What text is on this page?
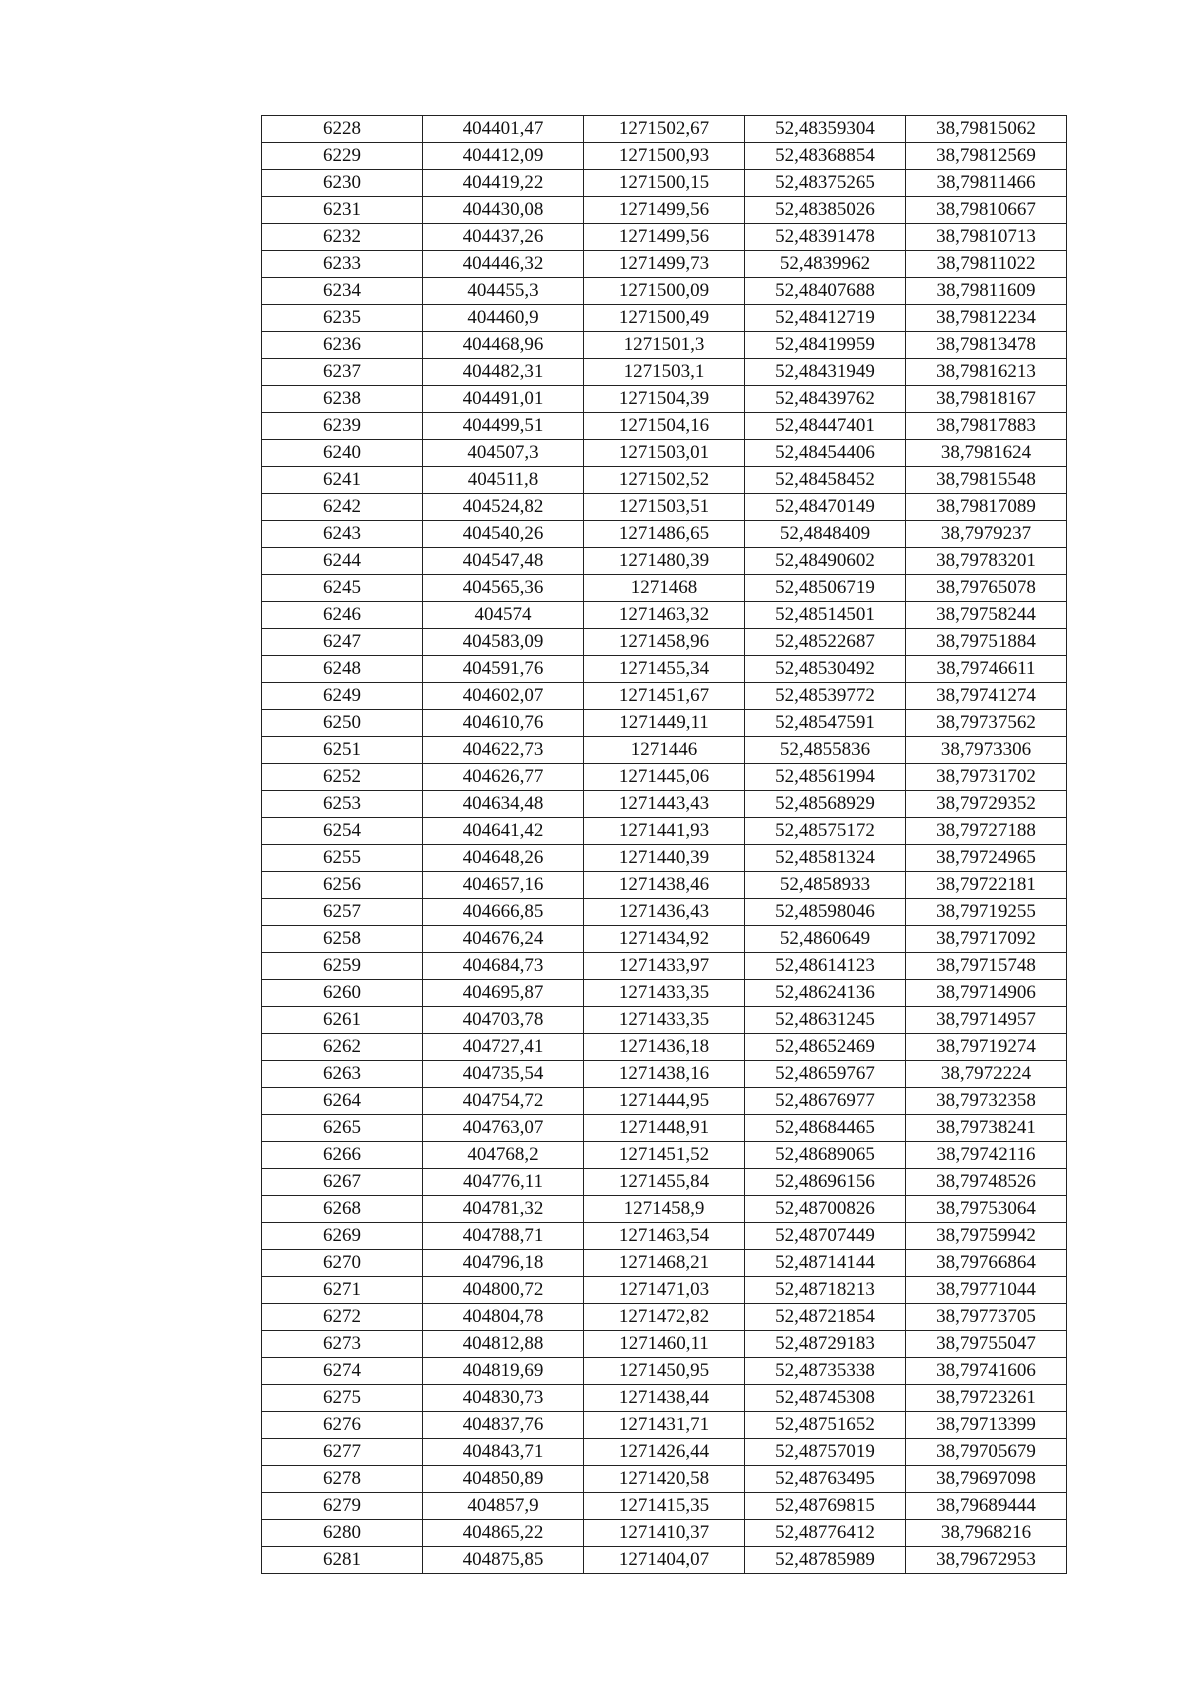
6228	404401,47	1271502,67	52,48359304	38,79815062
6229	404412,09	1271500,93	52,48368854	38,79812569
6230	404419,22	1271500,15	52,48375265	38,79811466
6231	404430,08	1271499,56	52,48385026	38,79810667
6232	404437,26	1271499,56	52,48391478	38,79810713
6233	404446,32	1271499,73	52,4839962	38,79811022
6234	404455,3	1271500,09	52,48407688	38,79811609
6235	404460,9	1271500,49	52,48412719	38,79812234
6236	404468,96	1271501,3	52,48419959	38,79813478
6237	404482,31	1271503,1	52,48431949	38,79816213
6238	404491,01	1271504,39	52,48439762	38,79818167
6239	404499,51	1271504,16	52,48447401	38,79817883
6240	404507,3	1271503,01	52,48454406	38,7981624
6241	404511,8	1271502,52	52,48458452	38,79815548
6242	404524,82	1271503,51	52,48470149	38,79817089
6243	404540,26	1271486,65	52,4848409	38,7979237
6244	404547,48	1271480,39	52,48490602	38,79783201
6245	404565,36	1271468	52,48506719	38,79765078
6246	404574	1271463,32	52,48514501	38,79758244
6247	404583,09	1271458,96	52,48522687	38,79751884
6248	404591,76	1271455,34	52,48530492	38,79746611
6249	404602,07	1271451,67	52,48539772	38,79741274
6250	404610,76	1271449,11	52,48547591	38,79737562
6251	404622,73	1271446	52,4855836	38,7973306
6252	404626,77	1271445,06	52,48561994	38,79731702
6253	404634,48	1271443,43	52,48568929	38,79729352
6254	404641,42	1271441,93	52,48575172	38,79727188
6255	404648,26	1271440,39	52,48581324	38,79724965
6256	404657,16	1271438,46	52,4858933	38,79722181
6257	404666,85	1271436,43	52,48598046	38,79719255
6258	404676,24	1271434,92	52,4860649	38,79717092
6259	404684,73	1271433,97	52,48614123	38,79715748
6260	404695,87	1271433,35	52,48624136	38,79714906
6261	404703,78	1271433,35	52,48631245	38,79714957
6262	404727,41	1271436,18	52,48652469	38,79719274
6263	404735,54	1271438,16	52,48659767	38,7972224
6264	404754,72	1271444,95	52,48676977	38,79732358
6265	404763,07	1271448,91	52,48684465	38,79738241
6266	404768,2	1271451,52	52,48689065	38,79742116
6267	404776,11	1271455,84	52,48696156	38,79748526
6268	404781,32	1271458,9	52,48700826	38,79753064
6269	404788,71	1271463,54	52,48707449	38,79759942
6270	404796,18	1271468,21	52,48714144	38,79766864
6271	404800,72	1271471,03	52,48718213	38,79771044
6272	404804,78	1271472,82	52,48721854	38,79773705
6273	404812,88	1271460,11	52,48729183	38,79755047
6274	404819,69	1271450,95	52,48735338	38,79741606
6275	404830,73	1271438,44	52,48745308	38,79723261
6276	404837,76	1271431,71	52,48751652	38,79713399
6277	404843,71	1271426,44	52,48757019	38,79705679
6278	404850,89	1271420,58	52,48763495	38,79697098
6279	404857,9	1271415,35	52,48769815	38,79689444
6280	404865,22	1271410,37	52,48776412	38,7968216
6281	404875,85	1271404,07	52,48785989	38,79672953
